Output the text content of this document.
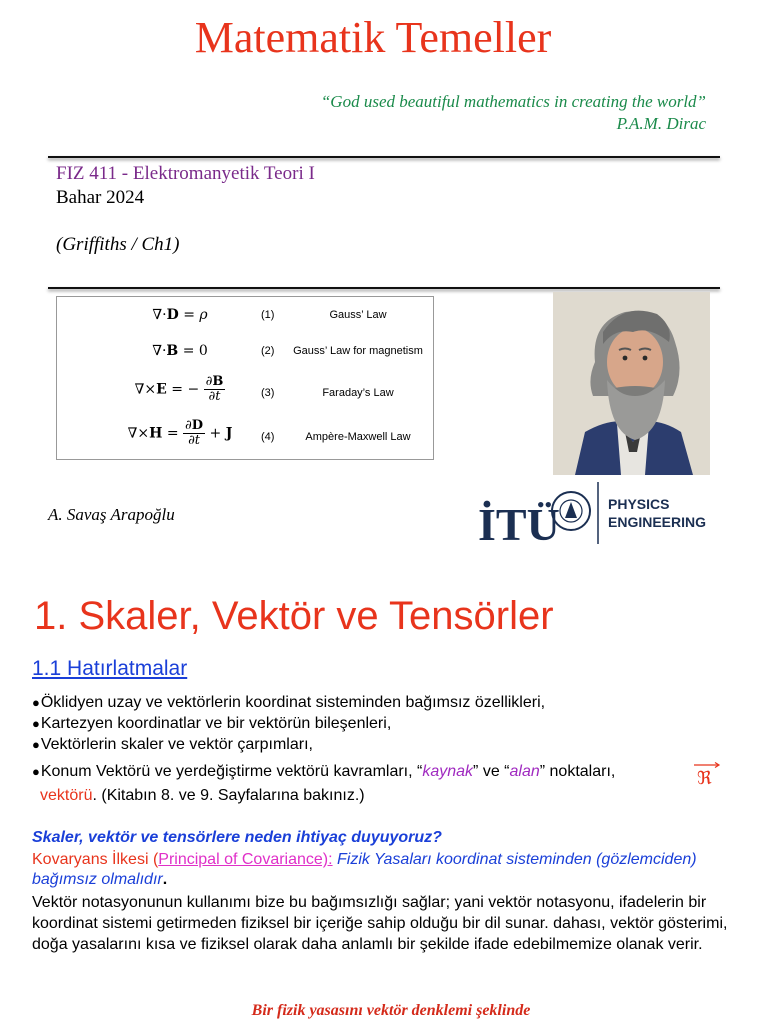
Matematik Temeller
“God used beautiful mathematics in creating the world”
P.A.M. Dirac
FIZ 411 - Elektromanyetik Teori I
Bahar 2024
(Griffiths / Ch1)
∇·D = ρ	(1)	Gauss’ Law
∇·B = 0	(2)	Gauss’ Law for magnetism
∇×E = − $\frac{\partial B}{\partial t}$	(3)	Faraday’s Law
$\nabla\times H = \frac{\partial D}{\partial t} + J$	(4)	Ampère-Maxwell Law
A. Savaş Arapoğlu	İTÜ	PHYSICS
ENGINEERING
1. Skaler, Vektör ve Tensörler
1.1 Hatırlatmalar
●Öklidyen uzay ve vektörlerin koordinat sisteminden bağımsız özellikleri,
●Kartezyen koordinatlar ve bir vektörün bileşenleri,
●Vektörlerin skaler ve vektör çarpımları,
●Konum Vektörü ve yerdeğiştirme vektörü kavramları, “kaynak” ve “alan” noktaları,	ℜ
vektörü. (Kitabın 8. ve 9. Sayfalarına bakınız.)
Skaler, vektör ve tensörlere neden ihtiyaç duyuyoruz?
Kovaryans İlkesi (Principal of Covariance): Fizik Yasaları koordinat sisteminden (gözlemciden) bağımsız olmalıdır.
Vektör notasyonunun kullanımı bize bu bağımsızlığı sağlar; yani vektör notasyonu, ifadelerin bir koordinat sistemi getirmeden fiziksel bir içeriğe sahip olduğu bir dil sunar. dahası, vektör gösterimi, doğa yasalarını kısa ve fiziksel olarak daha anlamlı bir şekilde ifade edebilmemize olanak verir.
Bir fizik yasasını vektör denklemi şeklinde
